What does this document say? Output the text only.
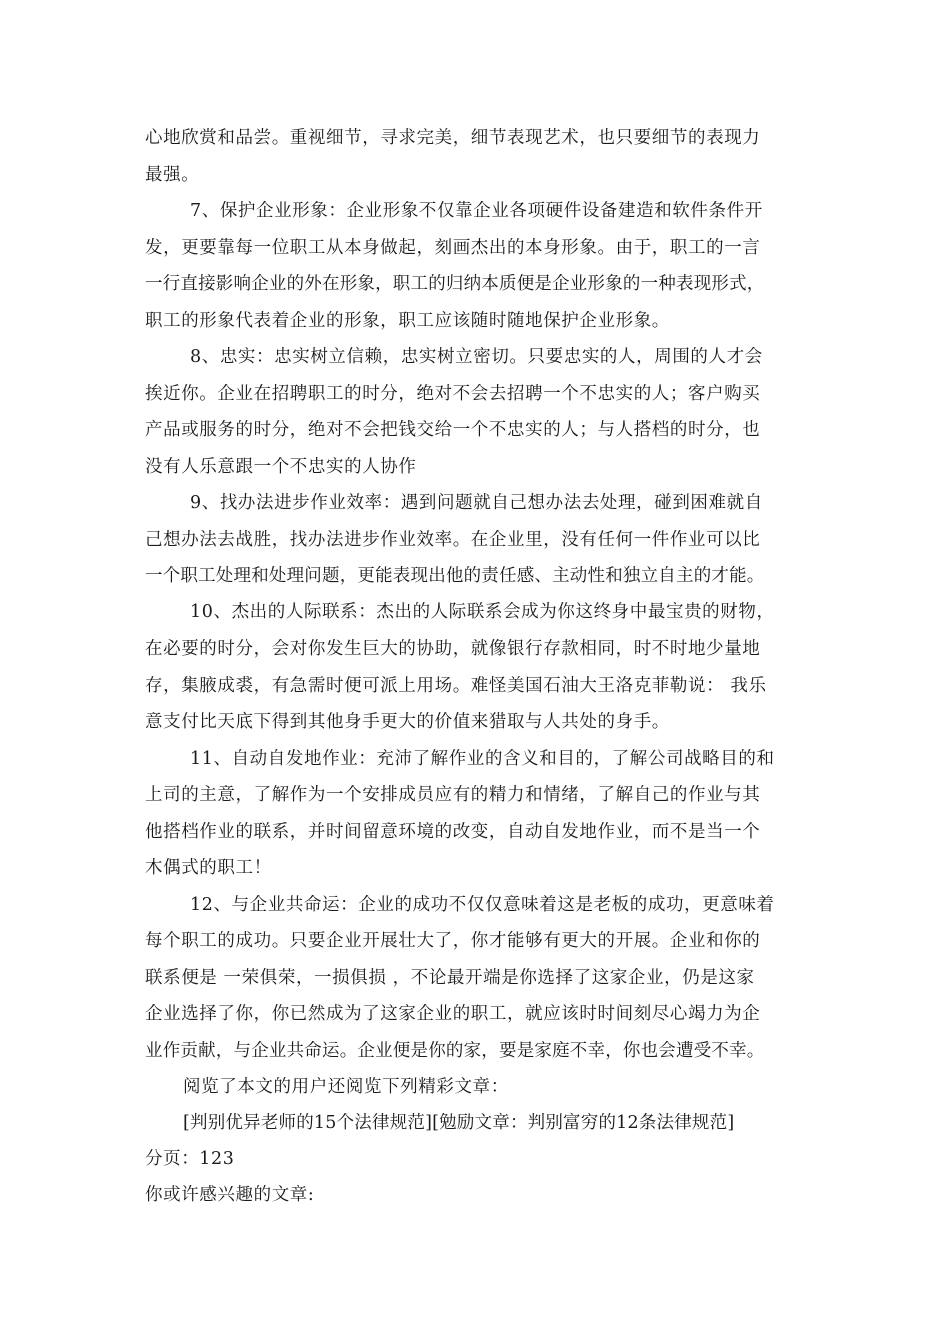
心地欣赏和品尝。重视细节，寻求完美，细节表现艺术，也只要细节的表现力
最强。
7、保护企业形象：企业形象不仅靠企业各项硬件设备建造和软件条件开
发，更要靠每一位职工从本身做起，刻画杰出的本身形象。由于，职工的一言
一行直接影响企业的外在形象，职工的归纳本质便是企业形象的一种表现形式，
职工的形象代表着企业的形象，职工应该随时随地保护企业形象。
8、忠实：忠实树立信赖，忠实树立密切。只要忠实的人，周围的人才会
挨近你。企业在招聘职工的时分，绝对不会去招聘一个不忠实的人；客户购买
产品或服务的时分，绝对不会把钱交给一个不忠实的人；与人搭档的时分，也
没有人乐意跟一个不忠实的人协作
9、找办法进步作业效率：遇到问题就自己想办法去处理，碰到困难就自
己想办法去战胜，找办法进步作业效率。在企业里，没有任何一件作业可以比
一个职工处理和处理问题，更能表现出他的责任感、主动性和独立自主的才能。
10、杰出的人际联系：杰出的人际联系会成为你这终身中最宝贵的财物，
在必要的时分，会对你发生巨大的协助，就像银行存款相同，时不时地少量地
存，集腋成裘，有急需时便可派上用场。难怪美国石油大王洛克菲勒说： 我乐
意支付比天底下得到其他身手更大的价值来猎取与人共处的身手。
11、自动自发地作业：充沛了解作业的含义和目的，了解公司战略目的和
上司的主意，了解作为一个安排成员应有的精力和情绪，了解自己的作业与其
他搭档作业的联系，并时间留意环境的改变，自动自发地作业，而不是当一个
木偶式的职工！
12、与企业共命运：企业的成功不仅仅意味着这是老板的成功，更意味着
每个职工的成功。只要企业开展壮大了，你才能够有更大的开展。企业和你的
联系便是 一荣俱荣，一损俱损 ，不论最开端是你选择了这家企业，仍是这家
企业选择了你，你已然成为了这家企业的职工，就应该时时间刻尽心竭力为企
业作贡献，与企业共命运。企业便是你的家，要是家庭不幸，你也会遭受不幸。
阅览了本文的用户还阅览下列精彩文章：
[判别优异老师的15个法律规范][勉励文章：判别富穷的12条法律规范]
分页：123
你或许感兴趣的文章:
